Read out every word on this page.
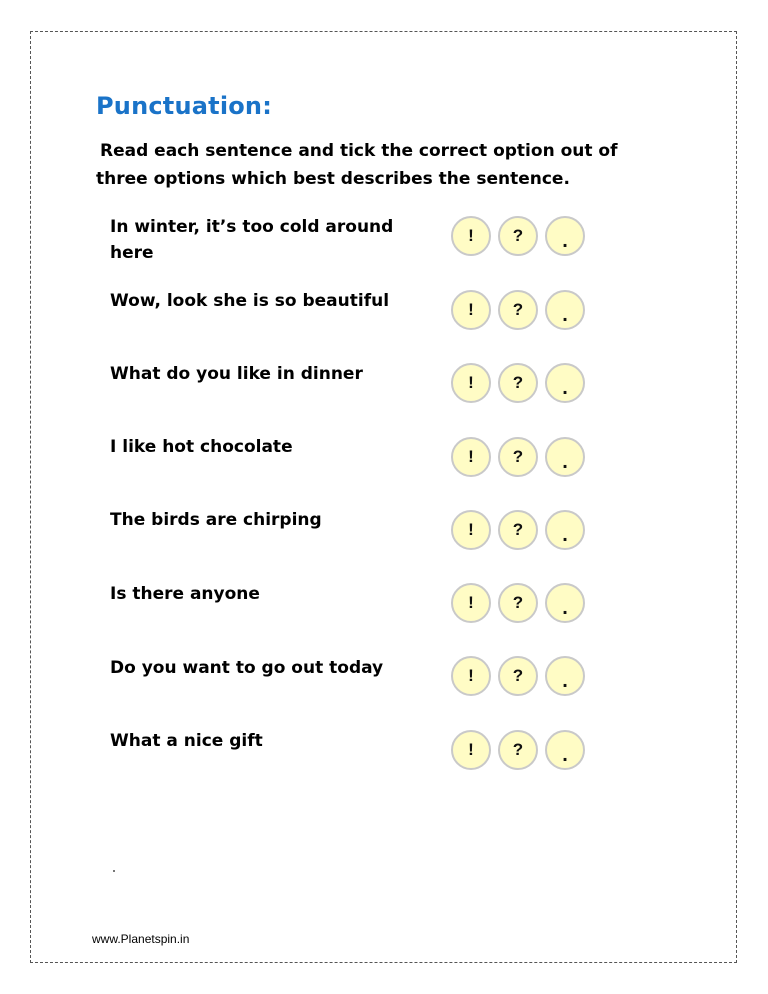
Punctuation:

Read each sentence and tick the correct option out of
three options which best describes the sentence.

In winter, it’s too cold around
here
!	?	.
Wow, look she is so beautiful	!	?	.
What do you like in dinner	!	?	.
I like hot chocolate	!	?	.
The birds are chirping	!	?	.
Is there anyone	!	?	.
Do you want to go out today	!	?	.
What a nice gift	!	?	.
www.Planetspin.in
